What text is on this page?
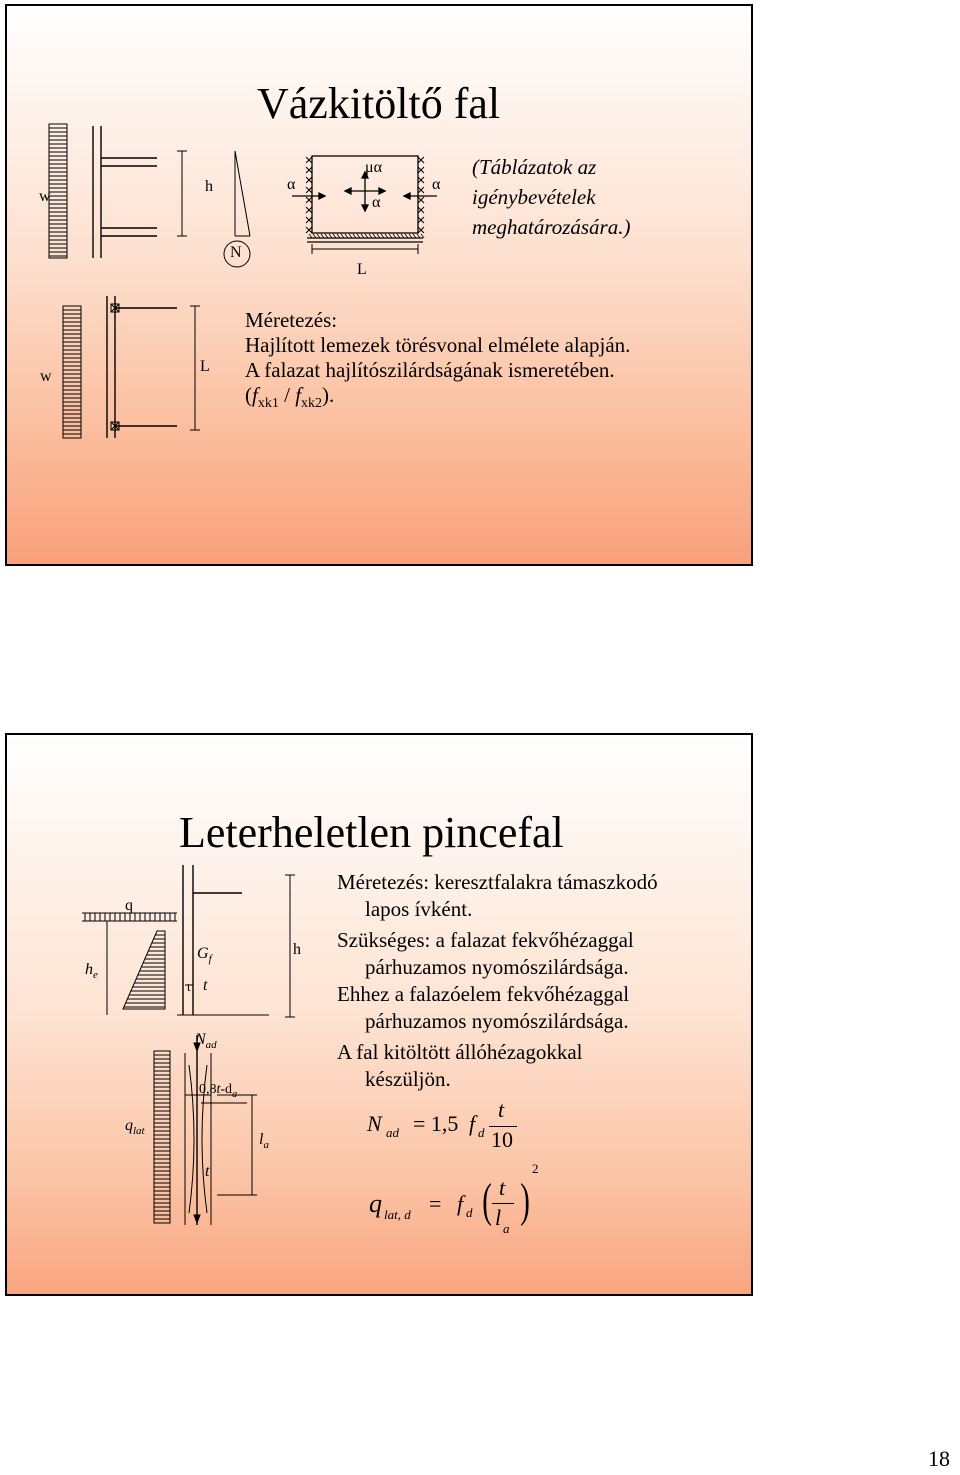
Vázkitöltő fal
w
h
N
α
μα
α
α
L
w
L
(Táblázatok az
igénybevételek
meghatározására.)
Méretezés:
Hajlított lemezek törésvonal elmélete alapján.
A falazat hajlítószilárdságának ismeretében.
$(f_{xk1} / f_{xk2})$.
Leterheletlen pincefal
q
$h_e$
$G_f$
t t
h
$N_{ad}$
$0,8t-d_a$
$q_{lat}$	$l_a$
t
Méretezés: keresztfalakra támaszkodó
lapos ívként.
Szükséges: a falazat fekvőhézaggal
párhuzamos nyomószilárdsága.
Ehhez a falazóelem fekvőhézaggal
párhuzamos nyomószilárdsága.
A fal kitöltött állóhézagokkal
készüljön.
N ad = 1,5 f d
t
10
q lat, d = f d ( t
l a
)
2
18
